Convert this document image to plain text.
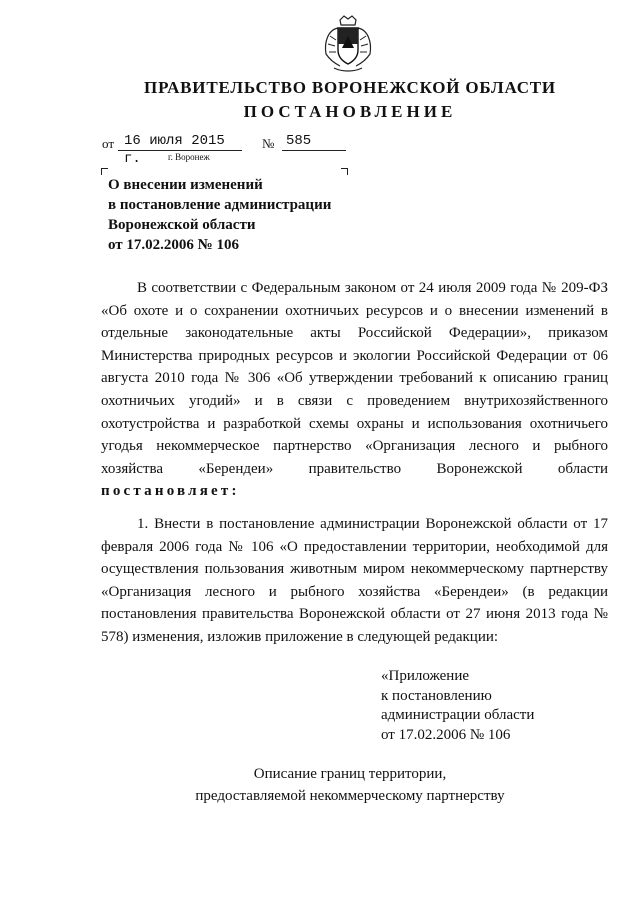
ПРАВИТЕЛЬСТВО ВОРОНЕЖСКОЙ ОБЛАСТИ
ПОСТАНОВЛЕНИЕ
от 16 июля 2015 г.
№ 585
г. Воронеж
О внесении изменений
в постановление администрации
Воронежской области
от 17.02.2006 № 106
В соответствии с Федеральным законом от 24 июля 2009 года № 209-ФЗ «Об охоте и о сохранении охотничьих ресурсов и о внесении изменений в отдельные законодательные акты Российской Федерации», приказом Министерства природных ресурсов и экологии Российской Федерации от 06 августа 2010 года № 306 «Об утверждении требований к описанию границ охотничьих угодий» и в связи с проведением внутрихозяйственного охотустройства и разработкой схемы охраны и использования охотничьего угодья некоммерческое партнерство «Организация лесного и рыбного хозяйства «Берендеи» правительство Воронежской области постановляет:
1. Внести в постановление администрации Воронежской области от 17 февраля 2006 года № 106 «О предоставлении территории, необходимой для осуществления пользования животным миром некоммерческому партнерству «Организация лесного и рыбного хозяйства «Берендеи» (в редакции постановления правительства Воронежской области от 27 июня 2013 года № 578) изменения, изложив приложение в следующей редакции:
«Приложение
к постановлению
администрации области
от 17.02.2006 № 106
Описание границ территории,
предоставляемой некоммерческому партнерству
